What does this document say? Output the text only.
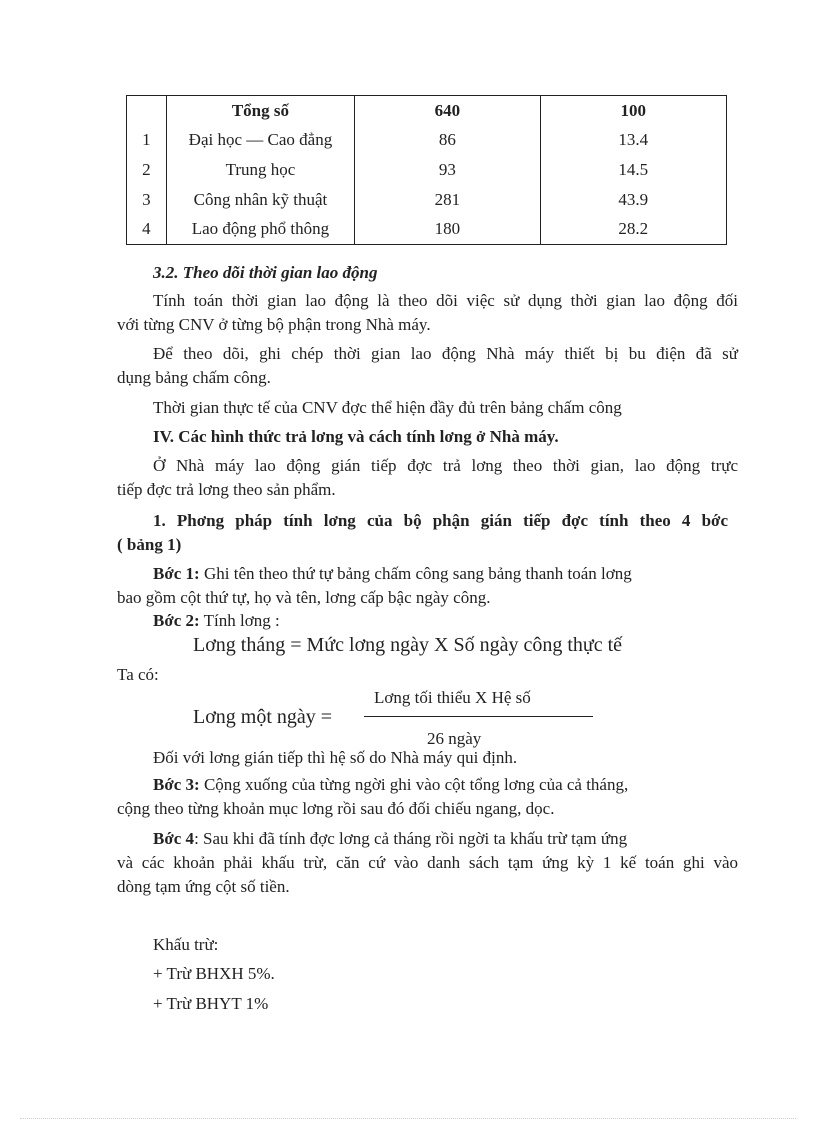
	Tổng số	640	100
1	Đại học — Cao đẳng	86	13.4
2	Trung học	93	14.5
3	Công nhân kỹ thuật	281	43.9
4	Lao động phổ thông	180	28.2
3.2. Theo dõi thời gian lao động
Tính toán thời gian lao động là theo dõi việc sử dụng thời gian lao động đối
với từng CNV ở từng bộ phận trong Nhà máy.
Để theo dõi, ghi chép thời gian lao động Nhà máy thiết bị bu điện đã sử
dụng bảng chấm công.
Thời gian thực tế của CNV đợc thể hiện đầy đủ trên bảng chấm công
IV. Các hình thức trả lơng và cách tính lơng ở Nhà máy.
Ở Nhà máy lao động gián tiếp đợc trả lơng theo thời gian, lao động trực
tiếp đợc trả lơng theo sản phẩm.
1. Phơng pháp tính lơng của bộ phận gián tiếp đợc tính theo 4 bớc
( bảng 1)
Bớc 1: Ghi tên theo thứ tự bảng chấm công sang bảng thanh toán lơng
bao gồm cột thứ tự, họ và tên, lơng cấp bậc ngày công.
Bớc 2: Tính lơng :
Lơng tháng = Mức lơng ngày X Số ngày công thực tế
Ta có:
Lơng tối thiểu X Hệ số
Lơng một ngày =
26 ngày
Đối với lơng gián tiếp thì hệ số do Nhà máy qui định.
Bớc 3: Cộng xuống của từng ngời ghi vào cột tổng lơng của cả tháng,
cộng theo từng khoản mục lơng rồi sau đó đối chiếu ngang, dọc.
Bớc 4: Sau khi đã tính đợc lơng cả tháng rồi ngời ta khấu trừ tạm ứng
và các khoản phải khấu trừ, căn cứ vào danh sách tạm ứng kỳ 1 kế toán ghi vào
dòng tạm ứng cột số tiền.
Khấu trừ:
+ Trừ BHXH 5%.
+ Trừ BHYT 1%
